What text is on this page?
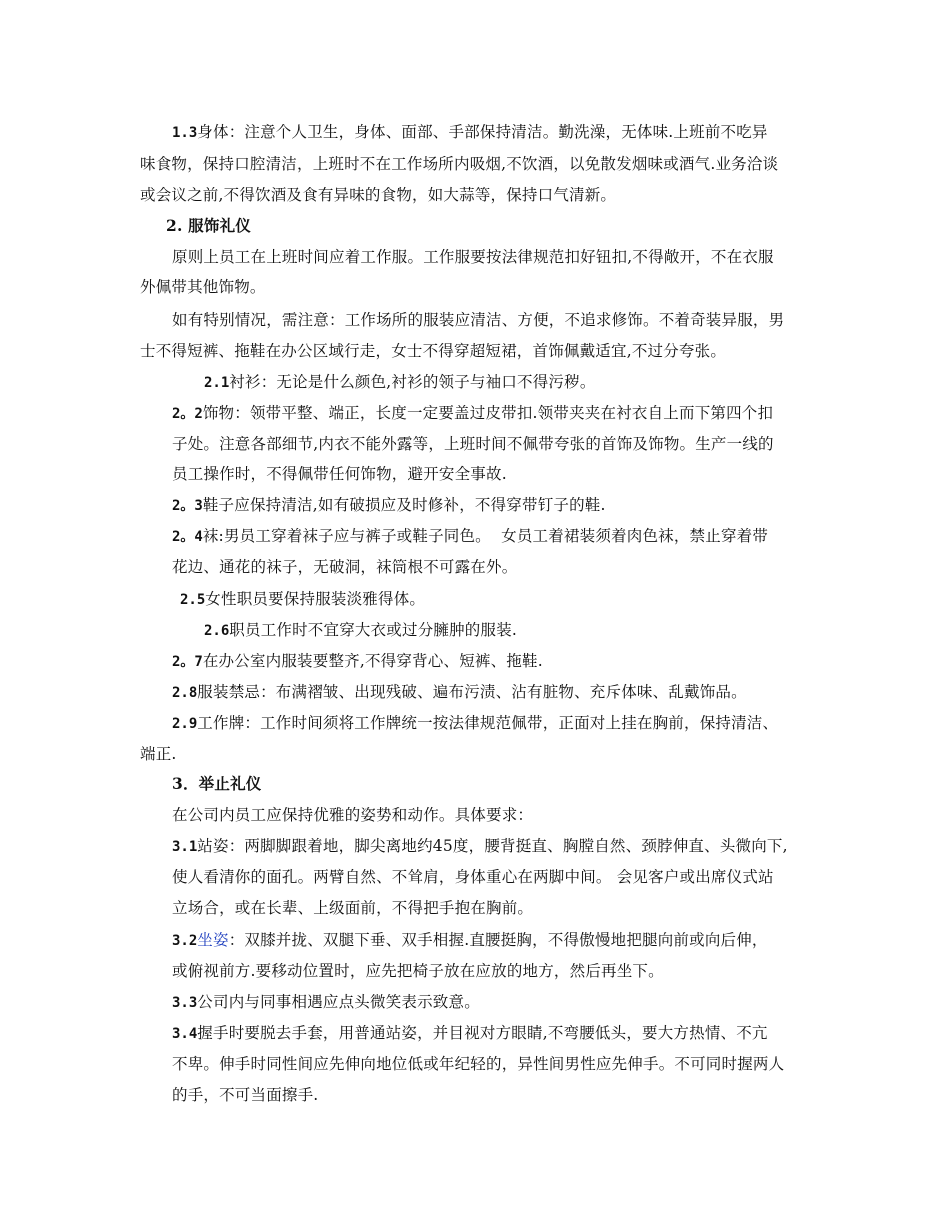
1.3身体：注意个人卫生，身体、面部、手部保持清洁。勤洗澡，无体味.上班前不吃异
味食物，保持口腔清洁，上班时不在工作场所内吸烟,不饮酒，以免散发烟味或酒气.业务洽谈
或会议之前,不得饮酒及食有异味的食物，如大蒜等，保持口气清新。
2. 服饰礼仪
原则上员工在上班时间应着工作服。工作服要按法律规范扣好钮扣,不得敞开，不在衣服
外佩带其他饰物。
如有特别情况，需注意：工作场所的服装应清洁、方便，不追求修饰。不着奇装异服，男
士不得短裤、拖鞋在办公区域行走，女士不得穿超短裙，首饰佩戴适宜,不过分夸张。
2.1衬衫：无论是什么颜色,衬衫的领子与袖口不得污秽。
2。2饰物：领带平整、端正，长度一定要盖过皮带扣.领带夹夹在衬衣自上而下第四个扣
子处。注意各部细节,内衣不能外露等，上班时间不佩带夸张的首饰及饰物。生产一线的
员工操作时，不得佩带任何饰物，避开安全事故.
2。3鞋子应保持清洁,如有破损应及时修补，不得穿带钉子的鞋.
2。4袜:男员工穿着袜子应与裤子或鞋子同色。  女员工着裙装须着肉色袜，禁止穿着带
花边、通花的袜子，无破洞，袜筒根不可露在外。
2.5女性职员要保持服装淡雅得体。
2.6职员工作时不宜穿大衣或过分臃肿的服装.
2。7在办公室内服装要整齐,不得穿背心、短裤、拖鞋.
2.8服装禁忌：布满褶皱、出现残破、遍布污渍、沾有脏物、充斥体味、乱戴饰品。
2.9工作牌：工作时间须将工作牌统一按法律规范佩带，正面对上挂在胸前，保持清洁、
端正.
3．举止礼仪
在公司内员工应保持优雅的姿势和动作。具体要求：
3.1站姿：两脚脚跟着地，脚尖离地约45度，腰背挺直、胸膛自然、颈脖伸直、头微向下,
使人看清你的面孔。两臂自然、不耸肩，身体重心在两脚中间。 会见客户或出席仪式站
立场合，或在长辈、上级面前，不得把手抱在胸前。
3.2坐姿：双膝并拢、双腿下垂、双手相握.直腰挺胸，不得傲慢地把腿向前或向后伸，
或俯视前方.要移动位置时，应先把椅子放在应放的地方，然后再坐下。
3.3公司内与同事相遇应点头微笑表示致意。
3.4握手时要脱去手套，用普通站姿，并目视对方眼睛,不弯腰低头，要大方热情、不亢
不卑。伸手时同性间应先伸向地位低或年纪轻的，异性间男性应先伸手。不可同时握两人
的手，不可当面擦手.
